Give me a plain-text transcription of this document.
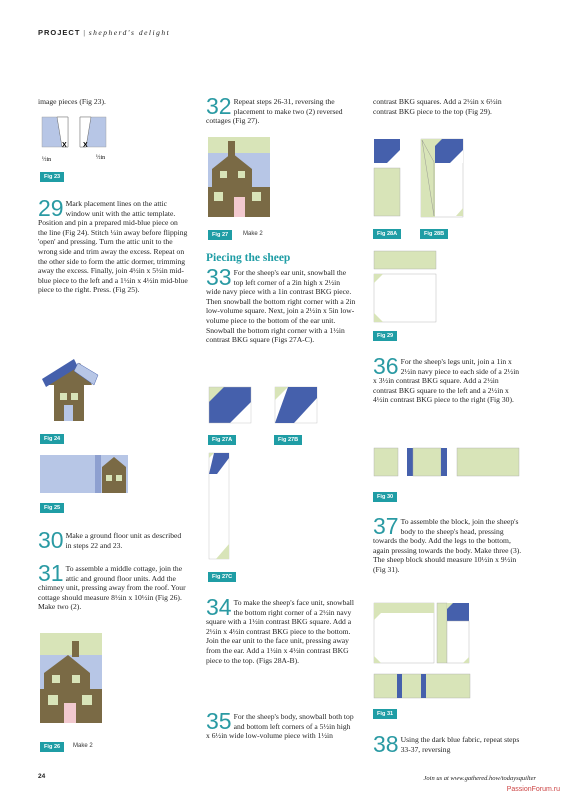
PROJECT | shepherd's delight

image pieces (Fig 23).

X X
½in	½in
Fig 23
29 Mark placement lines on the attic window unit with the attic template. Position and pin a prepared mid-blue piece on the line (Fig 24). Stitch ¼in away before flipping 'open' and pressing. Turn the attic unit to the wrong side and trim away the excess. Repeat on the other side to form the attic dormer, trimming away the excess. Finally, join 4½in x 5½in mid-blue piece to the left and a 1½in x 4½in mid-blue piece to the right. Press. (Fig 25).

Fig 24
Fig 25
30 Make a ground floor unit as described in steps 22 and 23.

31 To assemble a middle cottage, join the attic and ground floor units. Add the chimney unit, pressing away from the roof. Your cottage should measure 8½in x 10½in (Fig 26). Make two (2).

Fig 26	Make 2
32 Repeat steps 26-31, reversing the placement to make two (2) reversed cottages (Fig 27).

Fig 27	Make 2
Piecing the sheep
33 For the sheep's ear unit, snowball the top left corner of a 2in high x 2½in wide navy piece with a 1in contrast BKG piece. Then snowball the bottom right corner with a 2in low-volume square. Next, join a 2½in x 5in low-volume piece to the bottom of the ear unit. Snowball the bottom right corner with a 1½in contrast BKG square (Figs 27A-C).

Fig 27A	Fig 27B
Fig 27C
34 To make the sheep's face unit, snowball the bottom right corner of a 2½in navy square with a 1½in contrast BKG square. Add a 2½in x 4½in contrast BKG piece to the bottom. Join the ear unit to the face unit, pressing away from the ear. Add a 1½in x 4½in contrast BKG piece to the top. (Figs 28A-B).

35 For the sheep's body, snowball both top and bottom left corners of a 5½in high x 6½in wide low-volume piece with 1½in

contrast BKG squares. Add a 2½in x 6½in contrast BKG piece to the top (Fig 29).

Fig 28A	Fig 28B
Fig 29
36 For the sheep's legs unit, join a 1in x 2½in navy piece to each side of a 2½in x 3½in contrast BKG square. Add a 2½in contrast BKG square to the left and a 2½in x 4½in contrast BKG piece to the right (Fig 30).

Fig 30
37 To assemble the block, join the sheep's body to the sheep's head, pressing towards the body. Add the legs to the bottom, again pressing towards the body. Make three (3). The sheep block should measure 10½in x 9½in (Fig 31).

Fig 31
38 Using the dark blue fabric, repeat steps 33-37, reversing

24	Join us at www.gathered.how/todaysquilter
PassionForum.ru
